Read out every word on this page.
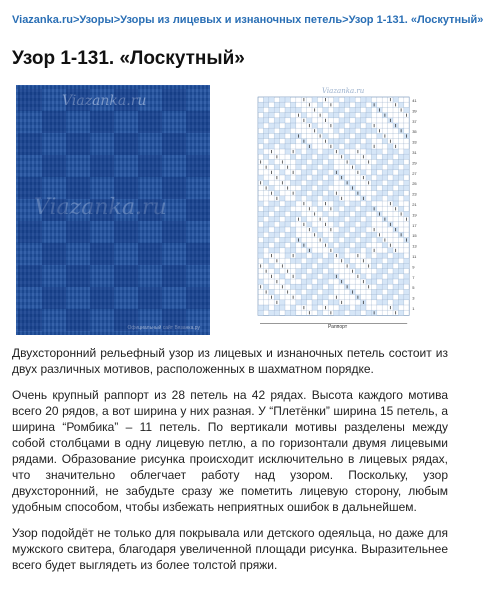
Viazanka.ru>Узоры>Узоры из лицевых и изнаночных петель>Узор 1-131. «Лоскутный»
Узор 1-131. «Лоскутный»
Viazanka.ru
Viazanka.ru
Официальный сайт Вязанка.ру
41
39
37
35
33
31
29
27
25
23
21
19
17
15
13
11
9
7
5
3
1
Viazanka.ru
Раппорт

Двухсторонний рельефный узор из лицевых и изнаночных петель состоит из двух различных мотивов, расположенных в шахматном порядке.

Очень крупный раппорт из 28 петель на 42 рядах. Высота каждого мотива всего 20 рядов, а вот ширина у них разная. У “Плетёнки” ширина 15 петель, а ширина “Ромбика” – 11 петель. По вертикали мотивы разделены между собой столбцами в одну лицевую петлю, а по горизонтали двумя лицевыми рядами. Образование рисунка происходит исключительно в лицевых рядах, что значительно облегчает работу над узором. Поскольку, узор двухсторонний, не забудьте сразу же пометить лицевую сторону, любым удобным способом, чтобы избежать неприятных ошибок в дальнейшем.

Узор подойдёт не только для покрывала или детского одеяльца, но даже для мужского свитера, благодаря увеличенной площади рисунка. Выразительнее всего будет выглядеть из более толстой пряжи.
